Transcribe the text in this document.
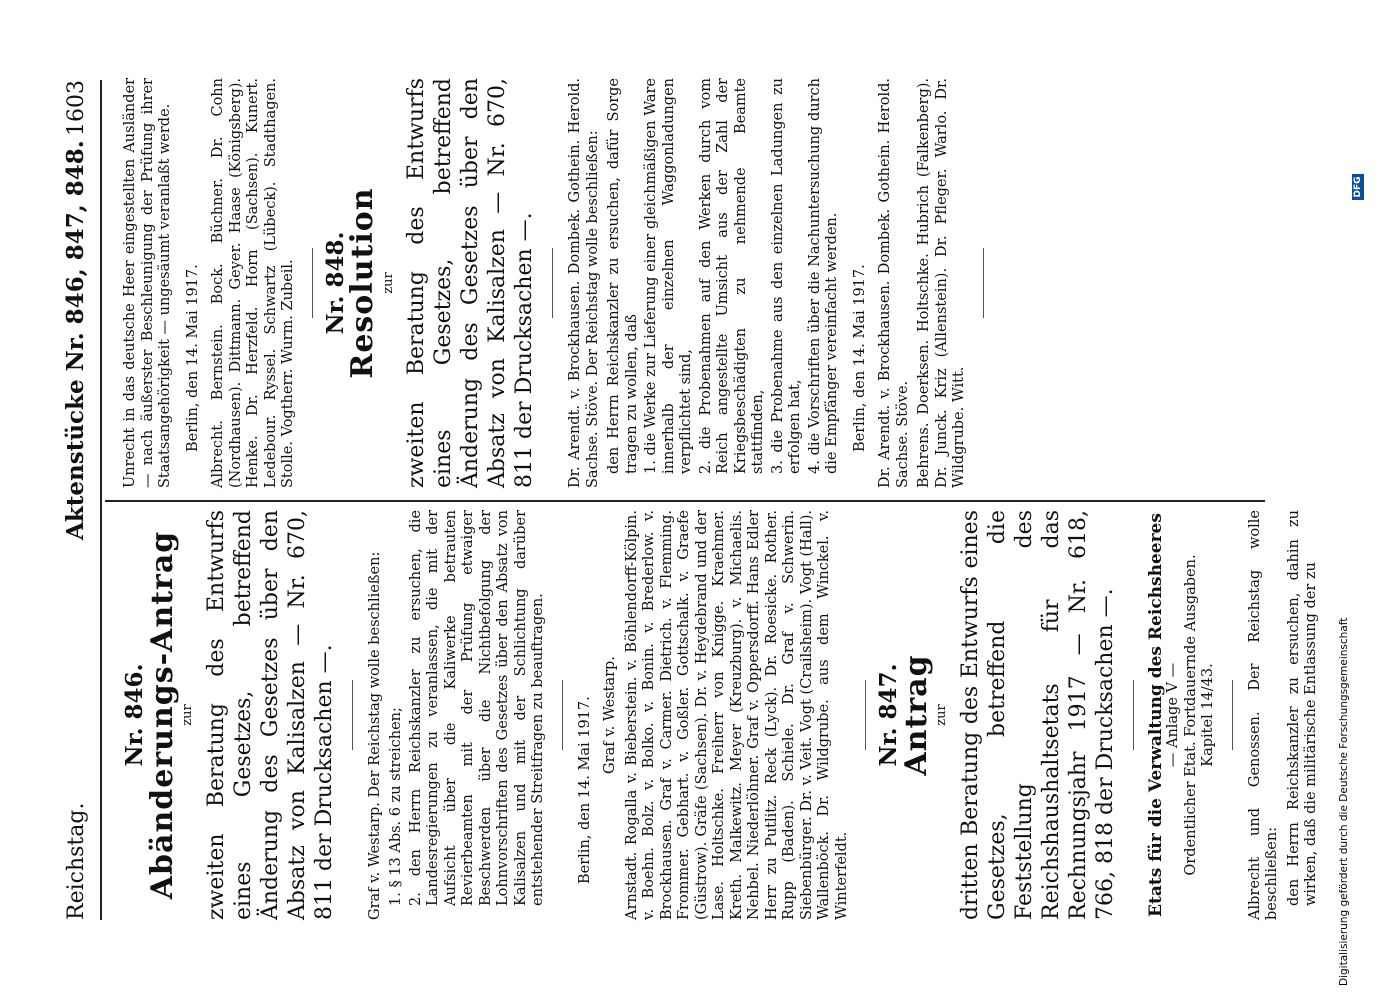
Reichstag.
Aktenstücke Nr. 846, 847, 848.
1603
Nr. 846.
Abänderungs-Antrag zur zweiten Beratung des Entwurfs eines Gesetzes, betreffend Änderung des Gesetzes über den Absatz von Kalisalzen — Nr. 670, 811 der Drucksachen —. Graf v. Westarp. Der Reichstag wolle beschließen: 1. § 13 Abs. 6 zu streichen; 2. den Herrn Reichskanzler zu ersuchen, die Landesregierungen zu veranlassen, die mit der Aufsicht über die Kaliwerke betrauten Revierbeamten mit der Prüfung etwaiger Beschwerden über die Nichtbefolgung der Lohnvorschriften des Gesetzes über den Absatz von Kalisalzen und mit der Schlichtung darüber entstehender Streitfragen zu beauftragen. Berlin, den 14. Mai 1917. Graf v. Westarp. Arnstadt. Rogalla v. Bieberstein. v. Böhlendorff-Kölpin. v. Boehn. Bolz. v. Bolko. v. Bonin. v. Brederlow. v. Brockhausen. Graf v. Carmer. Dietrich. v. Flemming. Frommer. Gebhart. v. Goßler. Gottschalk. v. Graefe (Güstrow). Gräfe (Sachsen). Dr. v. Heydebrand und der Lase. Holtschke. Freiherr von Knigge. Kraehmer. Kreth. Malkewitz. Meyer (Kreuzburg). v. Michaelis. Nehbel. Niederlöhner. Graf v. Oppersdorff. Hans Edler Herr zu Putlitz. Reck (Lyck). Dr. Roesicke. Rother. Rupp (Baden). Schiele. Dr. Graf v. Schwerin. Siebenbürger. Dr. v. Veit. Vogt (Crailsheim). Vogt (Hall). Wallenböck. Dr. Wildgrube. aus dem Winckel. v. Winterfeldt.
Nr. 847.
Antrag zur dritten Beratung des Entwurfs eines Gesetzes, betreffend die Feststellung des Reichshaushaltsetats für das Rechnungsjahr 1917 — Nr. 618, 766, 818 der Drucksachen —. Etats für die Verwaltung des Reichsheeres — Anlage V — Ordentlicher Etat. Fortdauernde Ausgaben. Kapitel 14/43. Albrecht und Genossen. Der Reichstag wolle beschließen: den Herrn Reichskanzler zu ersuchen, dahin zu wirken, daß die militärische Entlassung der zu
Unrecht in das deutsche Heer eingestellten Ausländer — nach äußerster Beschleunigung der Prüfung ihrer Staatsangehörigkeit — ungesäumt veranlaßt werde. Berlin, den 14. Mai 1917. Albrecht. Bernstein. Bock. Büchner. Dr. Cohn (Nordhausen). Dittmann. Geyer. Haase (Königsberg). Henke. Dr. Herzfeld. Horn (Sachsen). Kunert. Ledebour. Ryssel. Schwartz (Lübeck). Stadthagen. Stolle. Vogtherr. Wurm. Zubeil. Nr. 848.
Resolution zur zweiten Beratung des Entwurfs eines Gesetzes, betreffend Änderung des Gesetzes über den Absatz von Kalisalzen — Nr. 670, 811 der Drucksachen —. Dr. Arendt. v. Brockhausen. Dombek. Gothein. Herold. Sachse. Stöve. Der Reichstag wolle beschließen: den Herrn Reichskanzler zu ersuchen, dafür Sorge tragen zu wollen, daß 1. die Werke zur Lieferung einer gleichmäßigen Ware innerhalb der einzelnen Waggonladungen verpflichtet sind, 2. die Probenahmen auf den Werken durch vom Reich angestellte Umsicht aus der Zahl der Kriegsbeschädigten zu nehmende Beamte stattfinden, 3. die Probenahme aus den einzelnen Ladungen zu erfolgen hat, 4. die Vorschriften über die Nachuntersuchung durch die Empfänger vereinfacht werden. Berlin, den 14. Mai 1917. Dr. Arendt. v. Brockhausen. Dombek. Gothein. Herold. Sachse. Stöve. Behrens. Doerksen. Holtschke. Hubrich (Falkenberg). Dr. Junck. Kriz (Allenstein). Dr. Pfleger. Warlo. Dr. Wildgrube. Witt.
Digitalisierung gefördert durch die Deutsche Forschungsgemeinschaft
DFG
